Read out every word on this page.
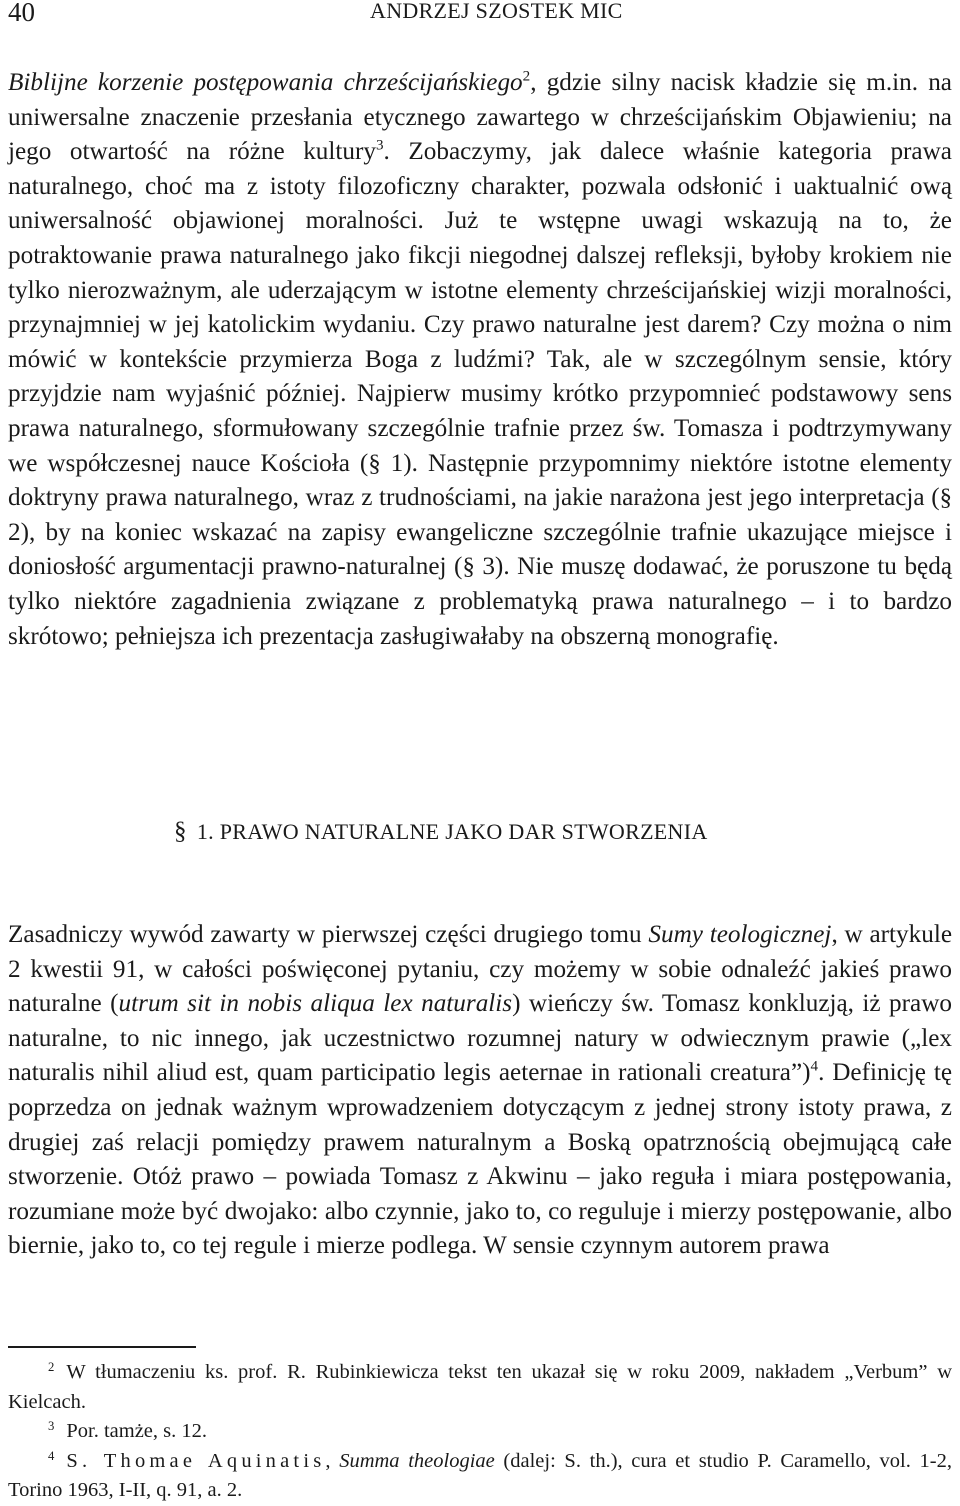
40	ANDRZEJ SZOSTEK MIC

Biblijne korzenie postępowania chrześcijańskiego$^2$, gdzie silny nacisk kładzie się m.in. na uniwersalne znaczenie przesłania etycznego zawartego w chrześcijańskim Objawieniu; na jego otwartość na różne kultury$^3$. Zobaczymy, jak dalece właśnie kategoria prawa naturalnego, choć ma z istoty filozoficzny charakter, pozwala odsłonić i uaktualnić ową uniwersalność objawionej moralności. Już te wstępne uwagi wskazują na to, że potraktowanie prawa naturalnego jako fikcji niegodnej dalszej refleksji, byłoby krokiem nie tylko nierozważnym, ale uderzającym w istotne elementy chrześcijańskiej wizji moralności, przynajmniej w jej katolickim wydaniu. Czy prawo naturalne jest darem? Czy można o nim mówić w kontekście przymierza Boga z ludźmi? Tak, ale w szczególnym sensie, który przyjdzie nam wyjaśnić później. Najpierw musimy krótko przypomnieć podstawowy sens prawa naturalnego, sformułowany szczególnie trafnie przez św. Tomasza i podtrzymywany we współczesnej nauce Kościoła (§ 1). Następnie przypomnimy niektóre istotne elementy doktryny prawa naturalnego, wraz z trudnościami, na jakie narażona jest jego interpretacja (§ 2), by na koniec wskazać na zapisy ewangeliczne szczególnie trafnie ukazujące miejsce i doniosłość argumentacji prawno-naturalnej (§ 3). Nie muszę dodawać, że poruszone tu będą tylko niektóre zagadnienia związane z problematyką prawa naturalnego – i to bardzo skrótowo; pełniejsza ich prezentacja zasługiwałaby na obszerną monografię.

§ 1. PRAWO NATURALNE JAKO DAR STWORZENIA

Zasadniczy wywód zawarty w pierwszej części drugiego tomu Sumy teologicznej, w artykule 2 kwestii 91, w całości poświęconej pytaniu, czy możemy w sobie odnaleźć jakieś prawo naturalne (utrum sit in nobis aliqua lex naturalis) wieńczy św. Tomasz konkluzją, iż prawo naturalne, to nic innego, jak uczestnictwo rozumnej natury w odwiecznym prawie („lex naturalis nihil aliud est, quam participatio legis aeternae in rationali creatura”)$^4$. Definicję tę poprzedza on jednak ważnym wprowadzeniem dotyczącym z jednej strony istoty prawa, z drugiej zaś relacji pomiędzy prawem naturalnym a Boską opatrznością obejmującą całe stworzenie. Otóż prawo – powiada Tomasz z Akwinu – jako reguła i miara postępowania, rozumiane może być dwojako: albo czynnie, jako to, co reguluje i mierzy postępowanie, albo biernie, jako to, co tej regule i mierze podlega. W sensie czynnym autorem prawa

$^2$ W tłumaczeniu ks. prof. R. Rubinkiewicza tekst ten ukazał się w roku 2009, nakładem „Verbum” w Kielcach.

$^3$ Por. tamże, s. 12.

$^4$ S. Thomae Aquinatis, Summa theologiae (dalej: S. th.), cura et studio P. Caramello, vol. 1-2, Torino 1963, I-II, q. 91, a. 2.
